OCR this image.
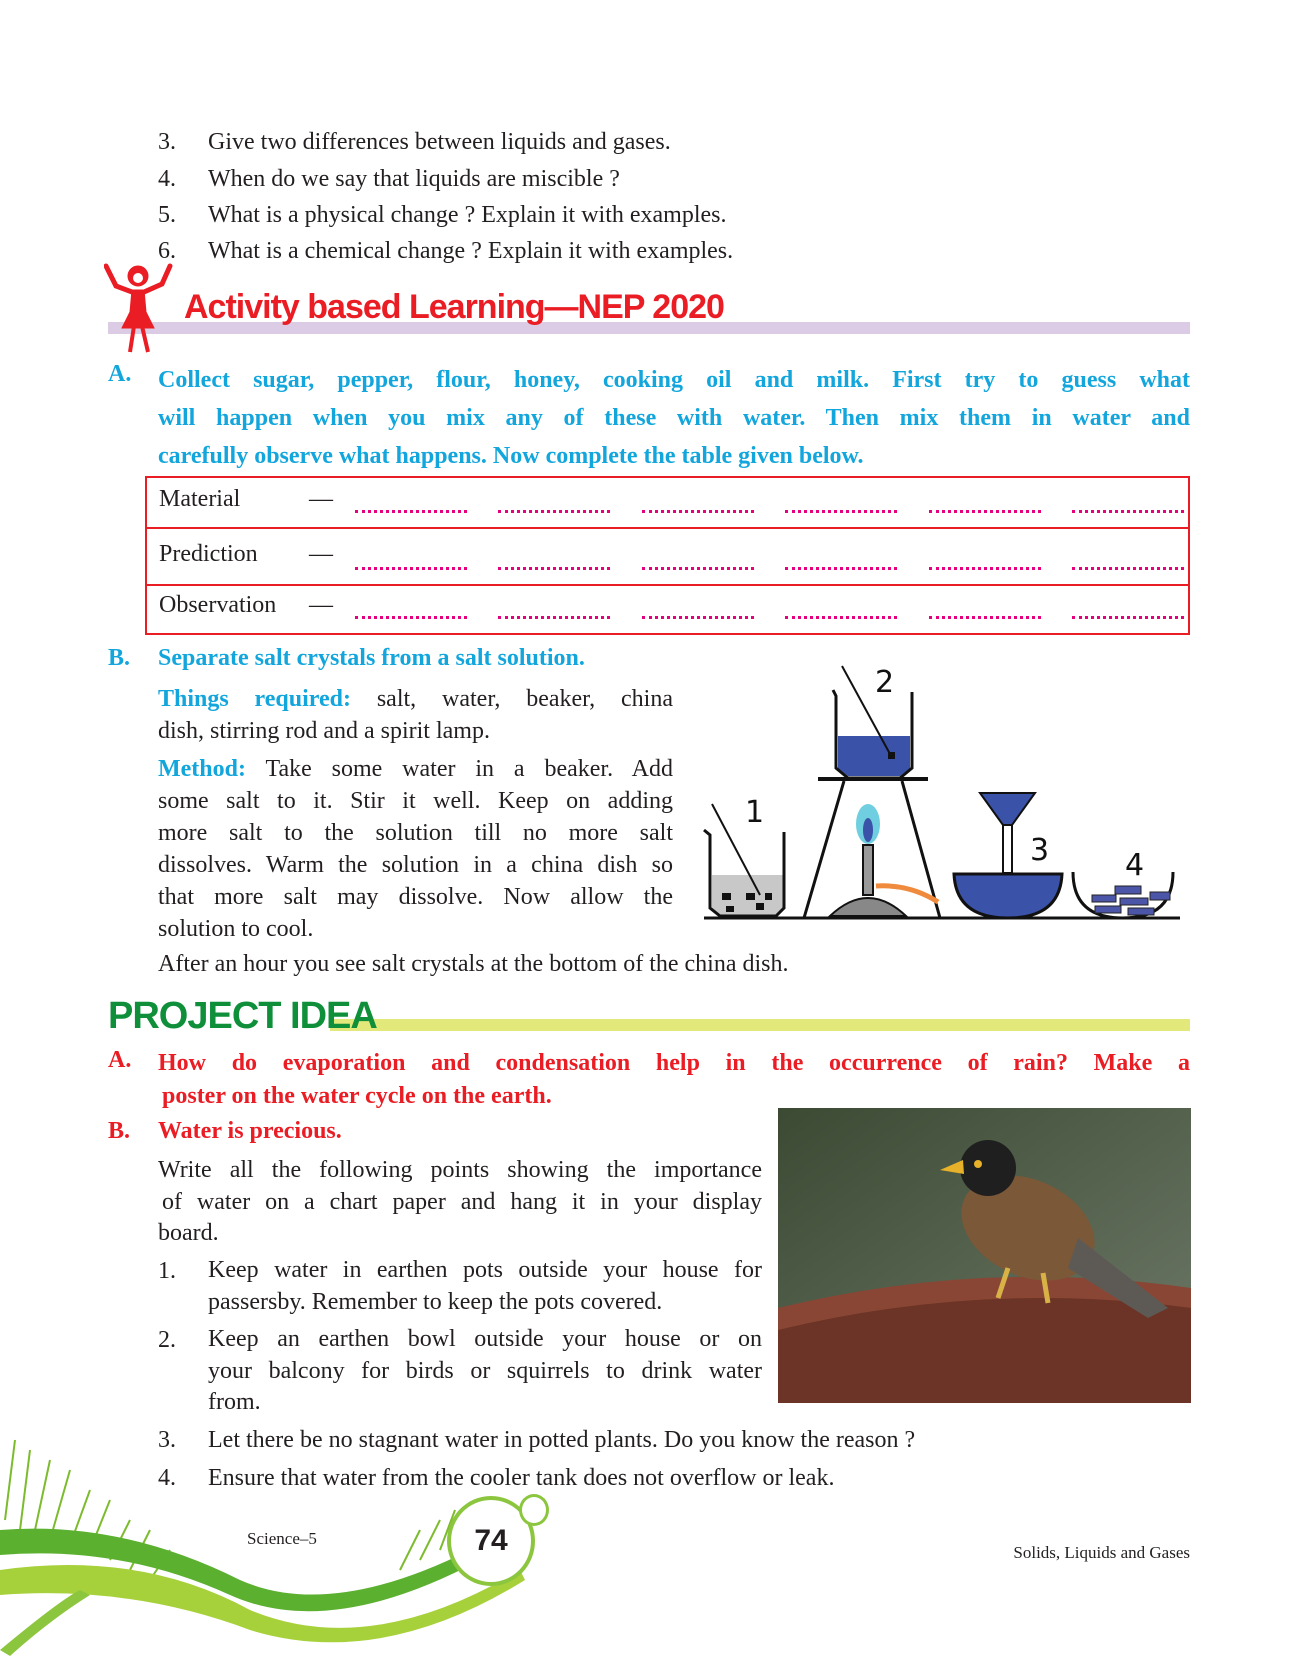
3. Give two differences between liquids and gases.
4. When do we say that liquids are miscible ?
5. What is a physical change ? Explain it with examples.
6. What is a chemical change ? Explain it with examples.
Activity based Learning—NEP 2020
A. Collect sugar, pepper, flour, honey, cooking oil and milk. First try to guess what
will happen when you mix any of these with water. Then mix them in water and
carefully observe what happens. Now complete the table given below.
Material	—
Prediction —
Observation —
B. Separate salt crystals from a salt solution.
Things required: salt, water, beaker, china
dish, stirring rod and a spirit lamp.
Method: Take some water in a beaker. Add
some salt to it. Stir it well. Keep on adding
more salt to the solution till no more salt
dissolves. Warm the solution in a china dish so
that more salt may dissolve. Now allow the
solution to cool.
After an hour you see salt crystals at the bottom of the china dish.
1
2
3	4
PROJECT IDEA
A. How do evaporation and condensation help in the occurrence of rain? Make a
poster on the water cycle on the earth.
B. Water is precious.
Write all the following points showing the importance
of water on a chart paper and hang it in your display
board.
1. Keep water in earthen pots outside your house for
passersby. Remember to keep the pots covered.
2. Keep an earthen bowl outside your house or on
your balcony for birds or squirrels to drink water
from.
3. Let there be no stagnant water in potted plants. Do you know the reason ?
4. Ensure that water from the cooler tank does not overflow or leak.
Science–5	74	Solids, Liquids and Gases
